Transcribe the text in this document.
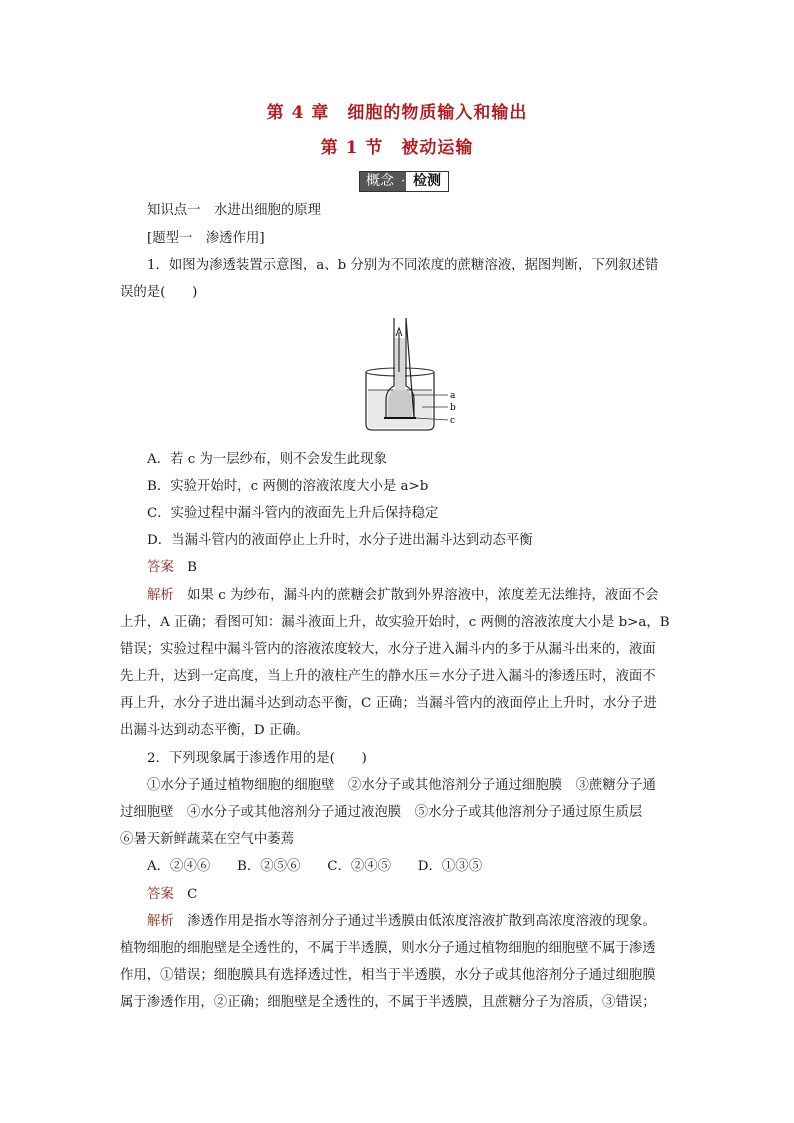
第 4 章　细胞的物质输入和输出
第 1 节　被动运输
概念 · 检测
知识点一　水进出细胞的原理
[题型一　渗透作用]
1．如图为渗透装置示意图，a、b 分别为不同浓度的蔗糖溶液，据图判断，下列叙述错
误的是(　　)
a
b
c
A．若 c 为一层纱布，则不会发生此现象
B．实验开始时，c 两侧的溶液浓度大小是 a>b
C．实验过程中漏斗管内的液面先上升后保持稳定
D．当漏斗管内的液面停止上升时，水分子进出漏斗达到动态平衡
答案　 B
解析　 如果 c 为纱布，漏斗内的蔗糖会扩散到外界溶液中，浓度差无法维持，液面不会
上升，A 正确；看图可知：漏斗液面上升，故实验开始时，c 两侧的溶液浓度大小是 b>a，B
错误；实验过程中漏斗管内的溶液浓度较大，水分子进入漏斗内的多于从漏斗出来的，液面
先上升，达到一定高度，当上升的液柱产生的静水压＝水分子进入漏斗的渗透压时，液面不
再上升，水分子进出漏斗达到动态平衡，C 正确；当漏斗管内的液面停止上升时，水分子进
出漏斗达到动态平衡，D 正确。
2．下列现象属于渗透作用的是(　　)
①水分子通过植物细胞的细胞壁　②水分子或其他溶剂分子通过细胞膜　③蔗糖分子通
过细胞壁　④水分子或其他溶剂分子通过液泡膜　⑤水分子或其他溶剂分子通过原生质层
⑥暑天新鲜蔬菜在空气中萎蔫
A．②④⑥　　B．②⑤⑥　　C．②④⑤　　D．①③⑤
答案　 C
解析　 渗透作用是指水等溶剂分子通过半透膜由低浓度溶液扩散到高浓度溶液的现象。
植物细胞的细胞壁是全透性的，不属于半透膜，则水分子通过植物细胞的细胞壁不属于渗透
作用，①错误；细胞膜具有选择透过性，相当于半透膜，水分子或其他溶剂分子通过细胞膜
属于渗透作用，②正确；细胞壁是全透性的，不属于半透膜，且蔗糖分子为溶质，③错误；
